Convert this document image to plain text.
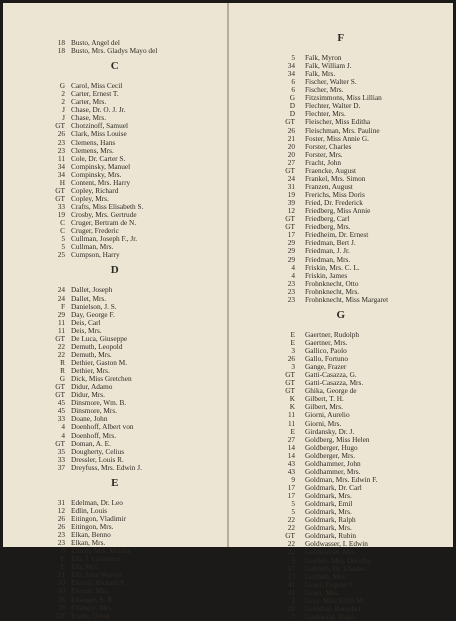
18 Busto, Angel del
18 Busto, Mrs. Gladys Mayo del
C
G Carol, Miss Cecil
2 Carter, Ernest T.
2 Carter, Mrs.
J Chase, Dr. O. J. Jr.
J Chase, Mrs.
GT Chotzinoff, Samuel
26 Clark, Miss Louise
23 Clemens, Hans
23 Clemens, Mrs.
11 Cole, Dr. Carter S.
34 Compinsky, Manuel
34 Compinsky, Mrs.
H Content, Mrs. Harry
GT Copley, Richard
GT Copley, Mrs.
33 Crafts, Miss Elisabeth S.
19 Crosby, Mrs. Gertrude
C Cruger, Bertram de N.
C Cruger, Frederic
5 Cullman, Joseph F., Jr.
5 Cullman, Mrs.
25 Cumpson, Harry
D
24 Dallet, Joseph
24 Dallet, Mrs.
F Danielson, J. S.
29 Day, George F.
11 Deis, Carl
11 Deis, Mrs.
GT De Luca, Giuseppe
22 Demuth, Leopold
22 Demuth, Mrs.
R Dethier, Gaston M.
R Dethier, Mrs.
G Dick, Miss Gretchen
GT Didur, Adamo
GT Didur, Mrs.
45 Dinsmore, Wm. B.
45 Dinsmore, Mrs.
33 Doane, John
4 Doenhoff, Albert von
4 Doenhoff, Mrs.
GT Doman, A. E.
35 Dougherty, Celius
33 Dressler, Louis R.
37 Dreyfuss, Mrs. Edwin J.
E
31 Edelman, Dr. Leo
12 Edlin, Louis
26 Eitingon, Vladimir
26 Eitingon, Mrs.
23 Elkan, Benno
23 Elkan, Mrs.
9 Elman, Mrs. Mischa
E Erb, J. Lawrence
E Erb, Mrs.
21 Erb, John Warren
30 Erental, Richard F.
30 Erental, Mrs.
38 Erlanger, S. B.
38 Erlanger, Mrs.
GT Evans, Greek
F
5 Falk, Myron
34 Falk, William J.
34 Falk, Mrs.
6 Fischer, Walter S.
6 Fischer, Mrs.
G Fitzsimmons, Miss Lillian
D Flechter, Walter D.
D Flechter, Mrs.
GT Fleischer, Miss Editha
26 Fleischman, Mrs. Pauline
21 Foster, Miss Annie G.
20 Forster, Charles
20 Forster, Mrs.
27 Fracht, John
GT Fraencke, August
24 Frankel, Mrs. Simon
31 Franzen, August
19 Frerichs, Miss Doris
39 Fried, Dr. Frederick
12 Friedberg, Miss Annie
GT Friedberg, Carl
GT Friedberg, Mrs.
17 Friedheim, Dr. Ernest
29 Friedman, Bert J.
29 Friedman, J. Jr.
29 Friedman, Mrs.
4 Friskin, Mrs. C. L.
4 Friskin, James
23 Frohnknecht, Otto
23 Frohnknecht, Mrs.
23 Frohnknecht, Miss Margaret
G
E Gaertner, Rudolph
E Gaertner, Mrs.
3 Gallico, Paolo
26 Gallo, Fortuno
3 Gange, Frazer
GT Gatti-Casazza, G.
GT Gatti-Casazza, Mrs.
GT Ghika, George de
K Gilbert, T. H.
K Gilbert, Mrs.
11 Giorni, Aurelio
11 Giorni, Mrs.
E Girdansky, Dr. J.
27 Goldberg, Miss Helen
14 Goldberger, Hugo
14 Goldberger, Mrs.
43 Goldhammer, John
43 Goldhammer, Mrs.
9 Goldman, Mrs. Edwin F.
17 Goldmark, Dr. Carl
17 Goldmark, Mrs.
5 Goldmark, Emil
5 Goldmark, Mrs.
22 Goldmark, Ralph
22 Goldmark, Mrs.
GT Goldmark, Rubin
22 Goldwasser, I. Edwin
22 Goldwasser, Mrs.
9 Gordon, Miss Dorothy
17 Gottlieb, Dr. Charles
17 Gottlieb, Mrs.
41 Grant, Eugene J.
41 Grant, Mrs.
2 Grey, Miss Edith M.
20 Grunthal, Benedict
7 Grunwald, Hugo
